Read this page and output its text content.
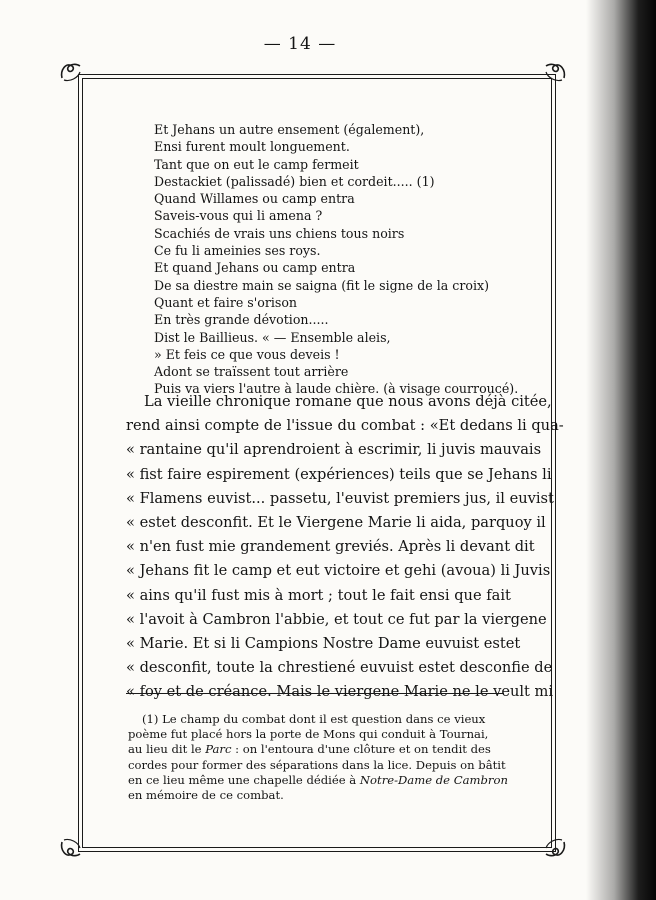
— 14 —
Et Jehans un autre ensement (également),
Ensi furent moult longuement.
Tant que on eut le camp fermeit
Destackiet (palissadé) bien et cordeit..... (1)
Quand Willames ou camp entra
Saveis-vous qui li amena ?
Scachiés de vrais uns chiens tous noirs
Ce fu li ameinies ses roys.
Et quand Jehans ou camp entra
De sa diestre main se saigna (fit le signe de la croix)
Quant et faire s'orison
En très grande dévotion.....
Dist le Baillieus. « — Ensemble aleis,
» Et feis ce que vous deveis !
Adont se traïssent tout arrière
Puis va viers l'autre à laude chière. (à visage courroucé).
La vieille chronique romane que nous avons déjà citée,
rend ainsi compte de l'issue du combat : «Et dedans li qua-
« rantaine qu'il aprendroient à escrimir, li juvis mauvais
« fist faire espirement (expériences) teils que se Jehans li
« Flamens euvist... passetu, l'euvist premiers jus, il euvist
« estet desconfit. Et le Viergene Marie li aida, parquoy il
« n'en fust mie grandement greviés. Après li devant dit
« Jehans fit le camp et eut victoire et gehi (avoua) li Juvis
« ains qu'il fust mis à mort ; tout le fait ensi que fait
« l'avoit à Cambron l'abbie, et tout ce fut par la viergene
« Marie. Et si li Campions Nostre Dame euvuist estet
« desconfit, toute la chrestiené euvuist estet desconfie de
« foy et de créance. Mais le viergene Marie ne le veult mi
(1) Le champ du combat dont il est question dans ce vieux
poème fut placé hors la porte de Mons qui conduit à Tournai,
au lieu dit le Parc : on l'entoura d'une clôture et on tendit des
cordes pour former des séparations dans la lice. Depuis on bâtit
en ce lieu même une chapelle dédiée à Notre-Dame de Cambron
en mémoire de ce combat.
